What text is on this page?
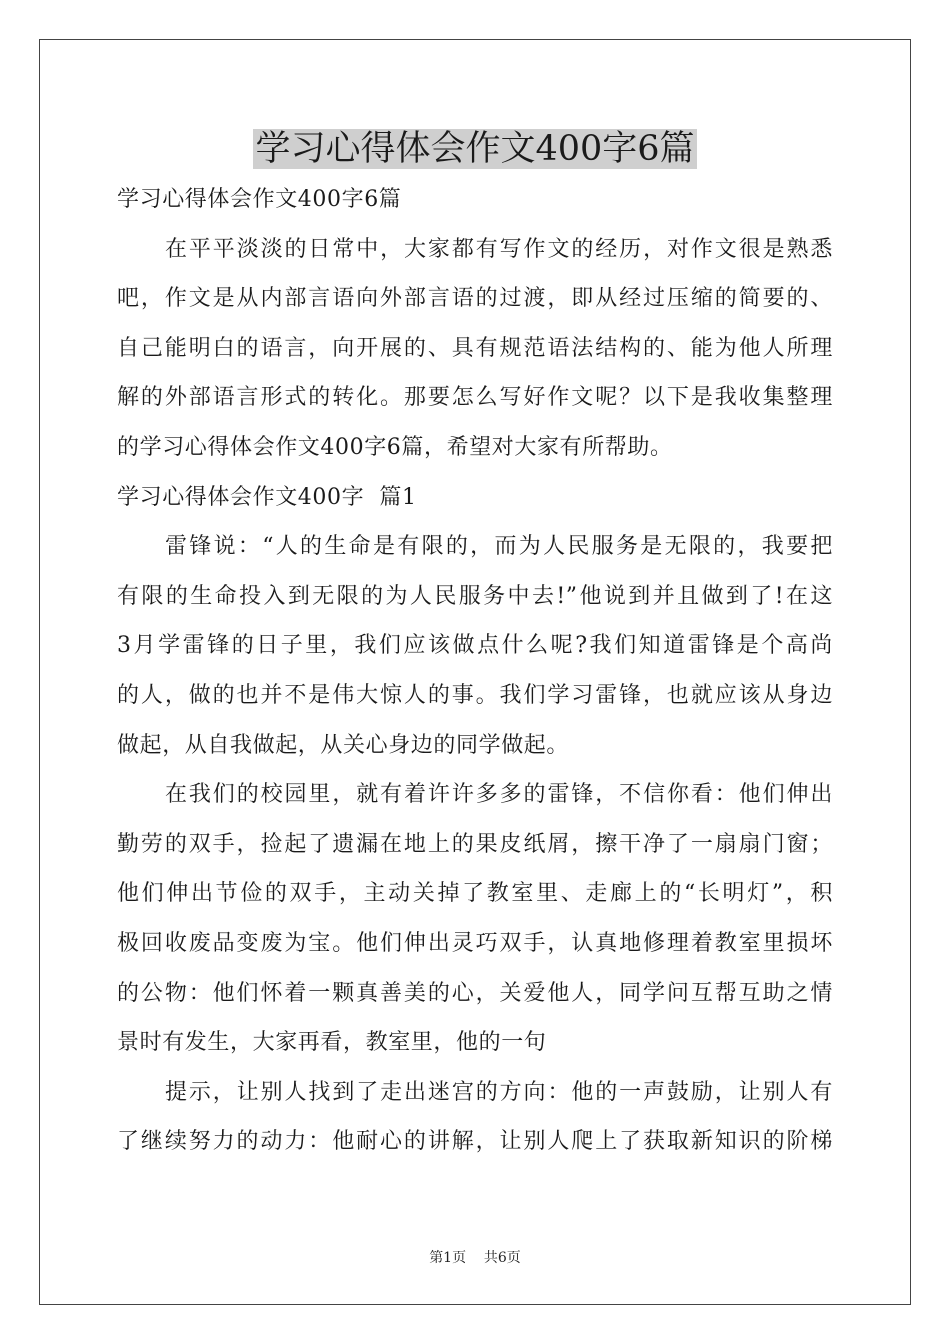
学习心得体会作文400字6篇
学习心得体会作文400字6篇
在平平淡淡的日常中，大家都有写作文的经历，对作文很是熟悉
吧，作文是从内部言语向外部言语的过渡，即从经过压缩的简要的、
自己能明白的语言，向开展的、具有规范语法结构的、能为他人所理
解的外部语言形式的转化。那要怎么写好作文呢？以下是我收集整理
的学习心得体会作文400字6篇，希望对大家有所帮助。
学习心得体会作文400字  篇1
雷锋说：“人的生命是有限的，而为人民服务是无限的，我要把
有限的生命投入到无限的为人民服务中去!”他说到并且做到了!在这
3月学雷锋的日子里，我们应该做点什么呢?我们知道雷锋是个高尚
的人，做的也并不是伟大惊人的事。我们学习雷锋，也就应该从身边
做起，从自我做起，从关心身边的同学做起。
在我们的校园里，就有着许许多多的雷锋，不信你看：他们伸出
勤劳的双手，捡起了遗漏在地上的果皮纸屑，擦干净了一扇扇门窗；
他们伸出节俭的双手，主动关掉了教室里、走廊上的“长明灯”，积
极回收废品变废为宝。他们伸出灵巧双手，认真地修理着教室里损坏
的公物：他们怀着一颗真善美的心，关爱他人，同学问互帮互助之情
景时有发生，大家再看，教室里，他的一句
提示，让别人找到了走出迷宫的方向：他的一声鼓励，让别人有
了继续努力的动力：他耐心的讲解，让别人爬上了获取新知识的阶梯
第1页    共6页
